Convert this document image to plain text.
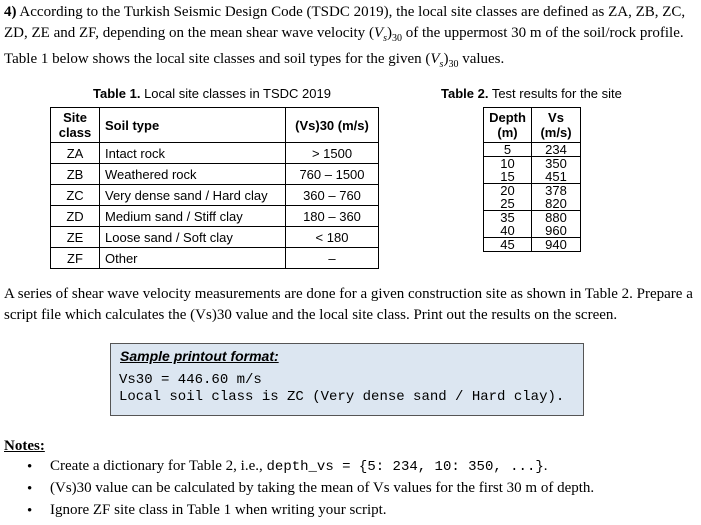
4) According to the Turkish Seismic Design Code (TSDC 2019), the local site classes are defined as ZA, ZB, ZC, ZD, ZE and ZF, depending on the mean shear wave velocity $(V_s)_{30}$ of the uppermost 30 m of the soil/rock profile. Table 1 below shows the local site classes and soil types for the given $(V_s)_{30}$ values.
Table 1. Local site classes in TSDC 2019
Site class	Soil type	(Vs)30 (m/s)
ZA	Intact rock	> 1500
ZB	Weathered rock	760 – 1500
ZC	Very dense sand / Hard clay	360 – 760
ZD	Medium sand / Stiff clay	180 – 360
ZE	Loose sand / Soft clay	< 180
ZF	Other	–
Table 2. Test results for the site
Depth (m)	Vs (m/s)
5	234
10	350
15	451
20	378
25	820
35	880
40	960
45	940
A series of shear wave velocity measurements are done for a given construction site as shown in Table 2. Prepare a script file which calculates the (Vs)30 value and the local site class. Print out the results on the screen.
Sample printout format:
Vs30 = 446.60 m/s
Local soil class is ZC (Very dense sand / Hard clay).
Notes:
• Create a dictionary for Table 2, i.e., depth_vs = {5: 234, 10: 350, ...}.
• (Vs)30 value can be calculated by taking the mean of Vs values for the first 30 m of depth.
• Ignore ZF site class in Table 1 when writing your script.
